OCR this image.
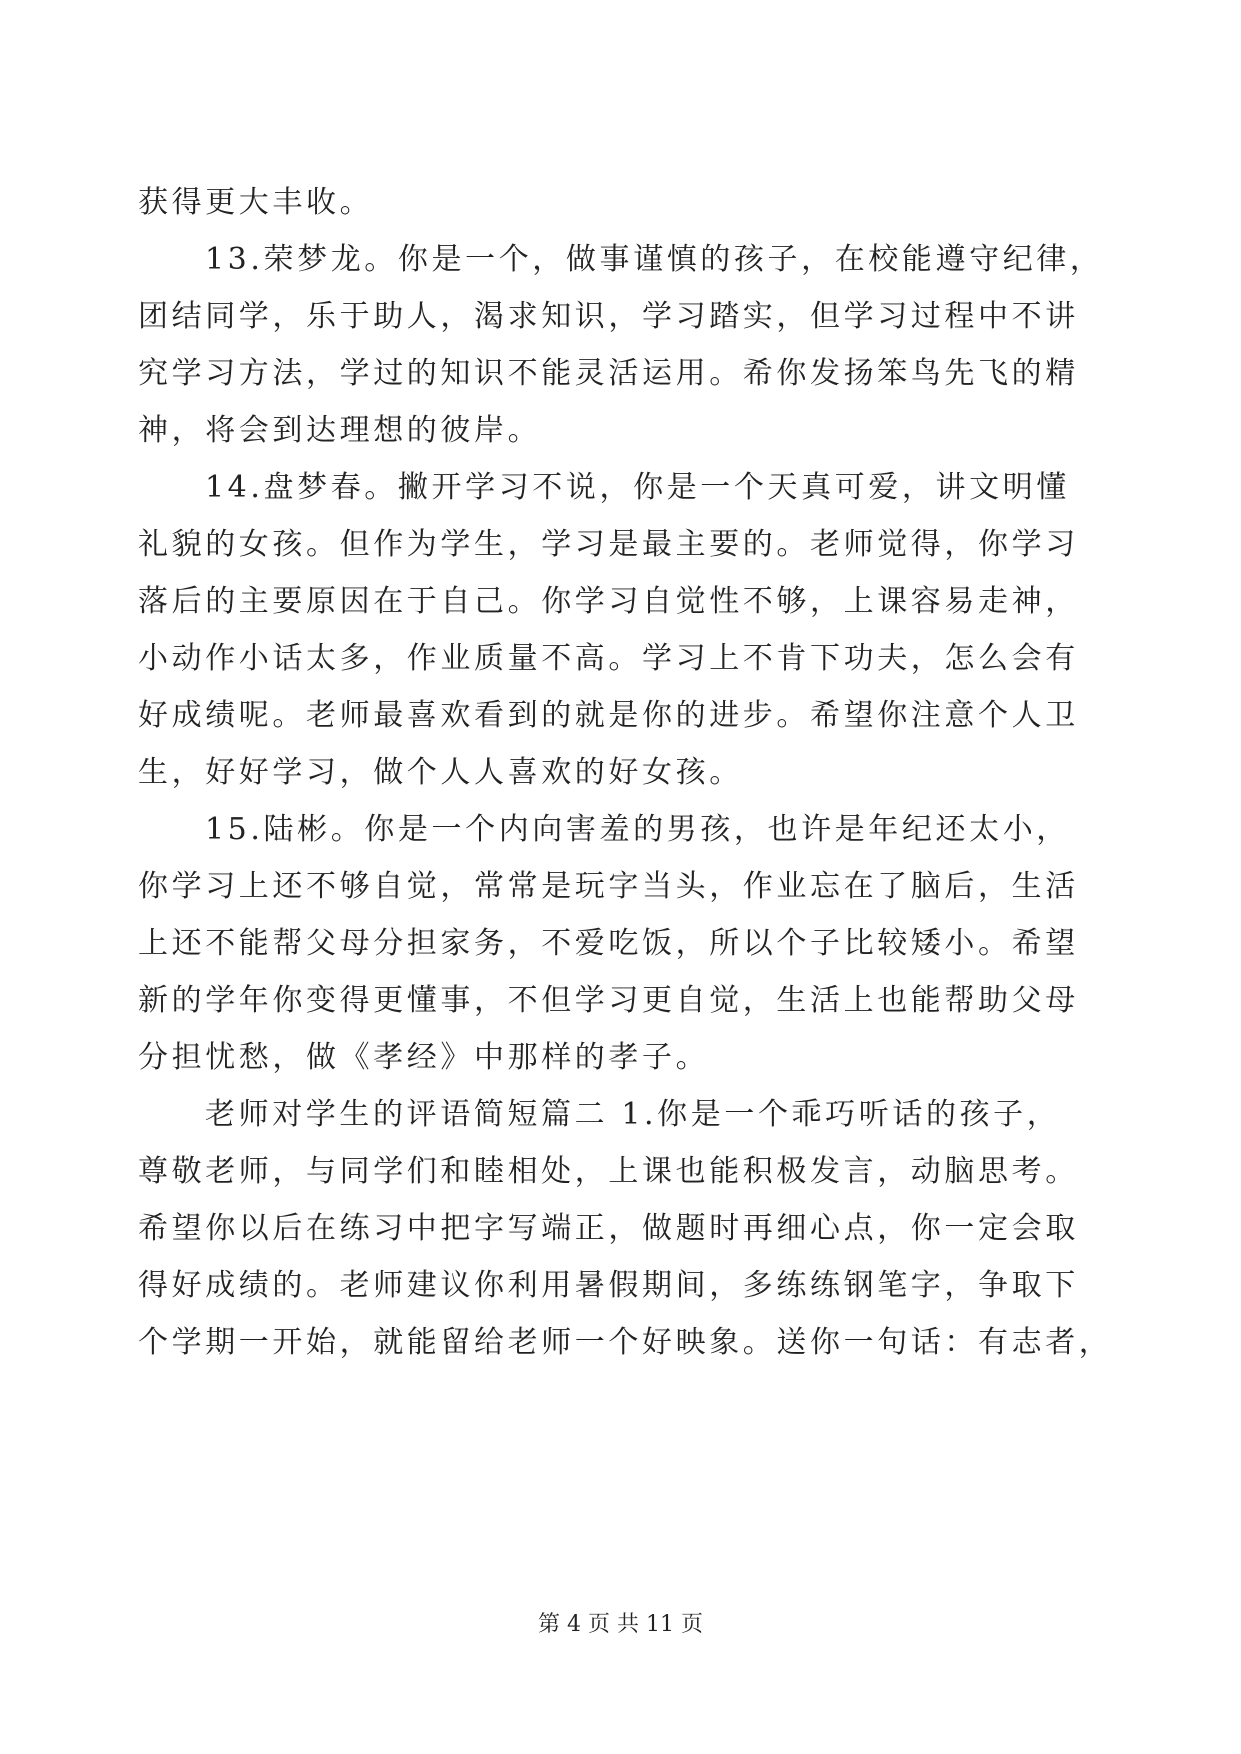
获得更大丰收。
13.荣梦龙。你是一个，做事谨慎的孩子，在校能遵守纪律，
团结同学，乐于助人，渴求知识，学习踏实，但学习过程中不讲
究学习方法，学过的知识不能灵活运用。希你发扬笨鸟先飞的精
神，将会到达理想的彼岸。
14.盘梦春。撇开学习不说，你是一个天真可爱，讲文明懂
礼貌的女孩。但作为学生，学习是最主要的。老师觉得，你学习
落后的主要原因在于自己。你学习自觉性不够，上课容易走神，
小动作小话太多，作业质量不高。学习上不肯下功夫，怎么会有
好成绩呢。老师最喜欢看到的就是你的进步。希望你注意个人卫
生，好好学习，做个人人喜欢的好女孩。
15.陆彬。你是一个内向害羞的男孩，也许是年纪还太小，
你学习上还不够自觉，常常是玩字当头，作业忘在了脑后，生活
上还不能帮父母分担家务，不爱吃饭，所以个子比较矮小。希望
新的学年你变得更懂事，不但学习更自觉，生活上也能帮助父母
分担忧愁，做《孝经》中那样的孝子。
老师对学生的评语简短篇二 1.你是一个乖巧听话的孩子，
尊敬老师，与同学们和睦相处，上课也能积极发言，动脑思考。
希望你以后在练习中把字写端正，做题时再细心点，你一定会取
得好成绩的。老师建议你利用暑假期间，多练练钢笔字，争取下
个学期一开始，就能留给老师一个好映象。送你一句话：有志者，
第 4 页 共 11 页
